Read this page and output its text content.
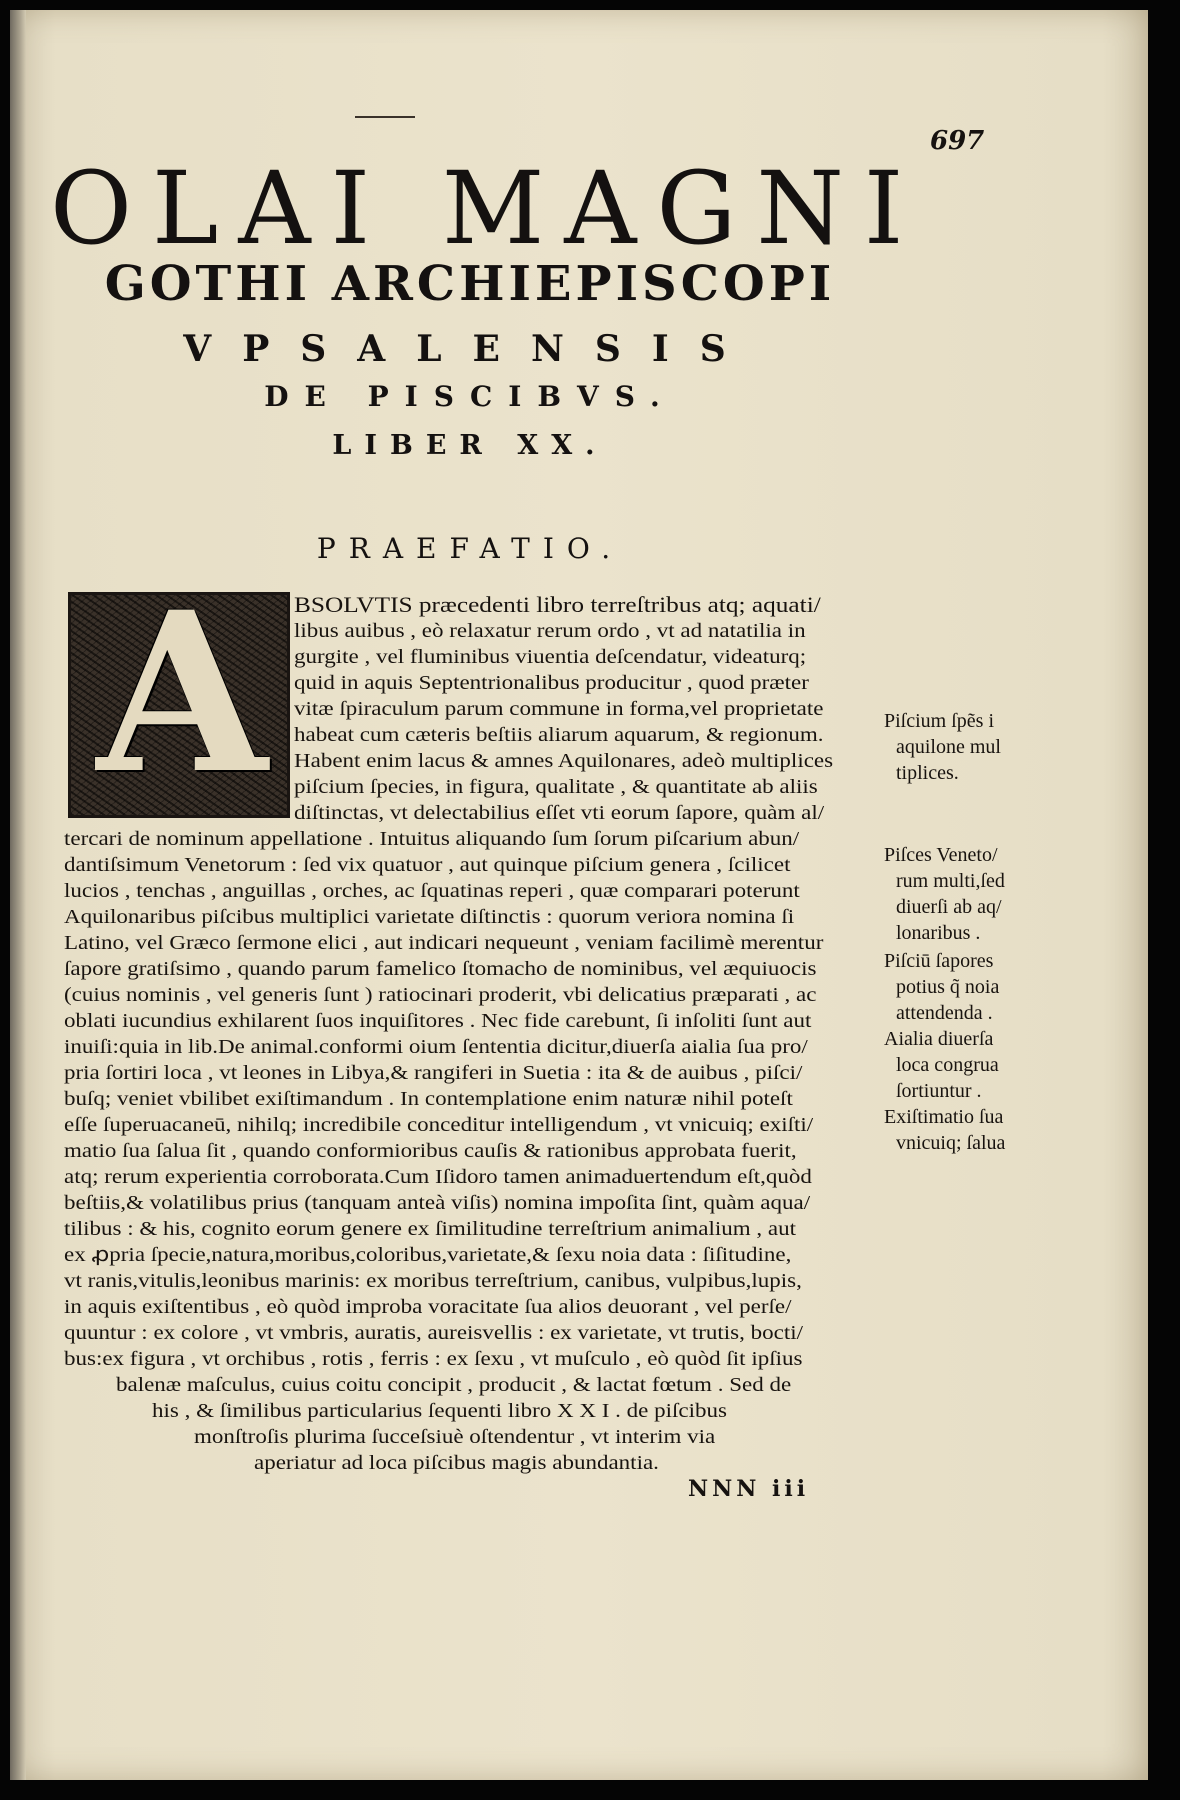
697
OLAI MAGNI
GOTHI ARCHIEPISCOPI
VPSALENSIS
DE PISCIBVS.
LIBER XX.
PRAEFATIO.
A	BSOLVTIS præcedenti libro terreſtribus atq; aquati/
libus auibus , eò relaxatur rerum ordo , vt ad natatilia in
gurgite , vel fluminibus viuentia deſcendatur, videaturq;
quid in aquis Septentrionalibus producitur , quod præter
vitæ ſpiraculum parum commune in forma,vel proprietate
habeat cum cæteris beſtiis aliarum aquarum, & regionum.
Habent enim lacus & amnes Aquilonares, adeò multiplices
piſcium ſpecies, in figura, qualitate , & quantitate ab aliis
diſtinctas, vt delectabilius eſſet vti eorum ſapore, quàm al/
tercari de nominum appellatione . Intuitus aliquando ſum ſorum piſcarium abun/
dantiſsimum Venetorum : ſed vix quatuor , aut quinque piſcium genera , ſcilicet
lucios , tenchas , anguillas , orches, ac ſquatinas reperi , quæ comparari poterunt
Aquilonaribus piſcibus multiplici varietate diſtinctis : quorum veriora nomina ſi
Latino, vel Græco ſermone elici , aut indicari nequeunt , veniam facilimè merentur
ſapore gratiſsimo , quando parum famelico ſtomacho de nominibus, vel æquiuocis
(cuius nominis , vel generis ſunt ) ratiocinari proderit, vbi delicatius præparati , ac
oblati iucundius exhilarent ſuos inquiſitores . Nec fide carebunt, ſi inſoliti ſunt aut
inuiſi:quia in lib.De animal.conformi oium ſententia dicitur,diuerſa aialia ſua pro/
pria ſortiri loca , vt leones in Libya,& rangiferi in Suetia : ita & de auibus , piſci/
buſq; veniet vbilibet exiſtimandum . In contemplatione enim naturæ nihil poteſt
eſſe ſuperuacaneū, nihilq; incredibile conceditur intelligendum , vt vnicuiq; exiſti/
matio ſua ſalua ſit , quando conformioribus cauſis & rationibus approbata fuerit,
atq; rerum experientia corroborata.Cum Iſidoro tamen animaduertendum eſt,quòd
beſtiis,& volatilibus prius (tanquam anteà viſis) nomina impoſita ſint, quàm aqua/
tilibus : & his, cognito eorum genere ex ſimilitudine terreſtrium animalium , aut
ex ꝓpria ſpecie,natura,moribus,coloribus,varietate,& ſexu noia data : ſiſitudine,
vt ranis,vitulis,leonibus marinis: ex moribus terreſtrium, canibus, vulpibus,lupis,
in aquis exiſtentibus , eò quòd improba voracitate ſua alios deuorant , vel perſe/
quuntur : ex colore , vt vmbris, auratis, aureisvellis : ex varietate, vt trutis, bocti/
bus:ex figura , vt orchibus , rotis , ferris : ex ſexu , vt muſculo , eò quòd ſit ipſius
balenæ maſculus, cuius coitu concipit , producit , & lactat fœtum . Sed de
his , & ſimilibus particularius ſequenti libro X X I . de piſcibus
monſtroſis plurima ſucceſsiuè oſtendentur , vt interim via
aperiatur ad loca piſcibus magis abundantia.
Piſcium ſpẽs i
aquilone mul
tiplices.
Piſces Veneto/
rum multi,ſed
diuerſi ab aq/
lonaribus .
Piſciū ſapores
potius q̃ noia
attendenda .
Aialia diuerſa
loca congrua
ſortiuntur .
Exiſtimatio ſua
vnicuiq; ſalua
NNN iii
